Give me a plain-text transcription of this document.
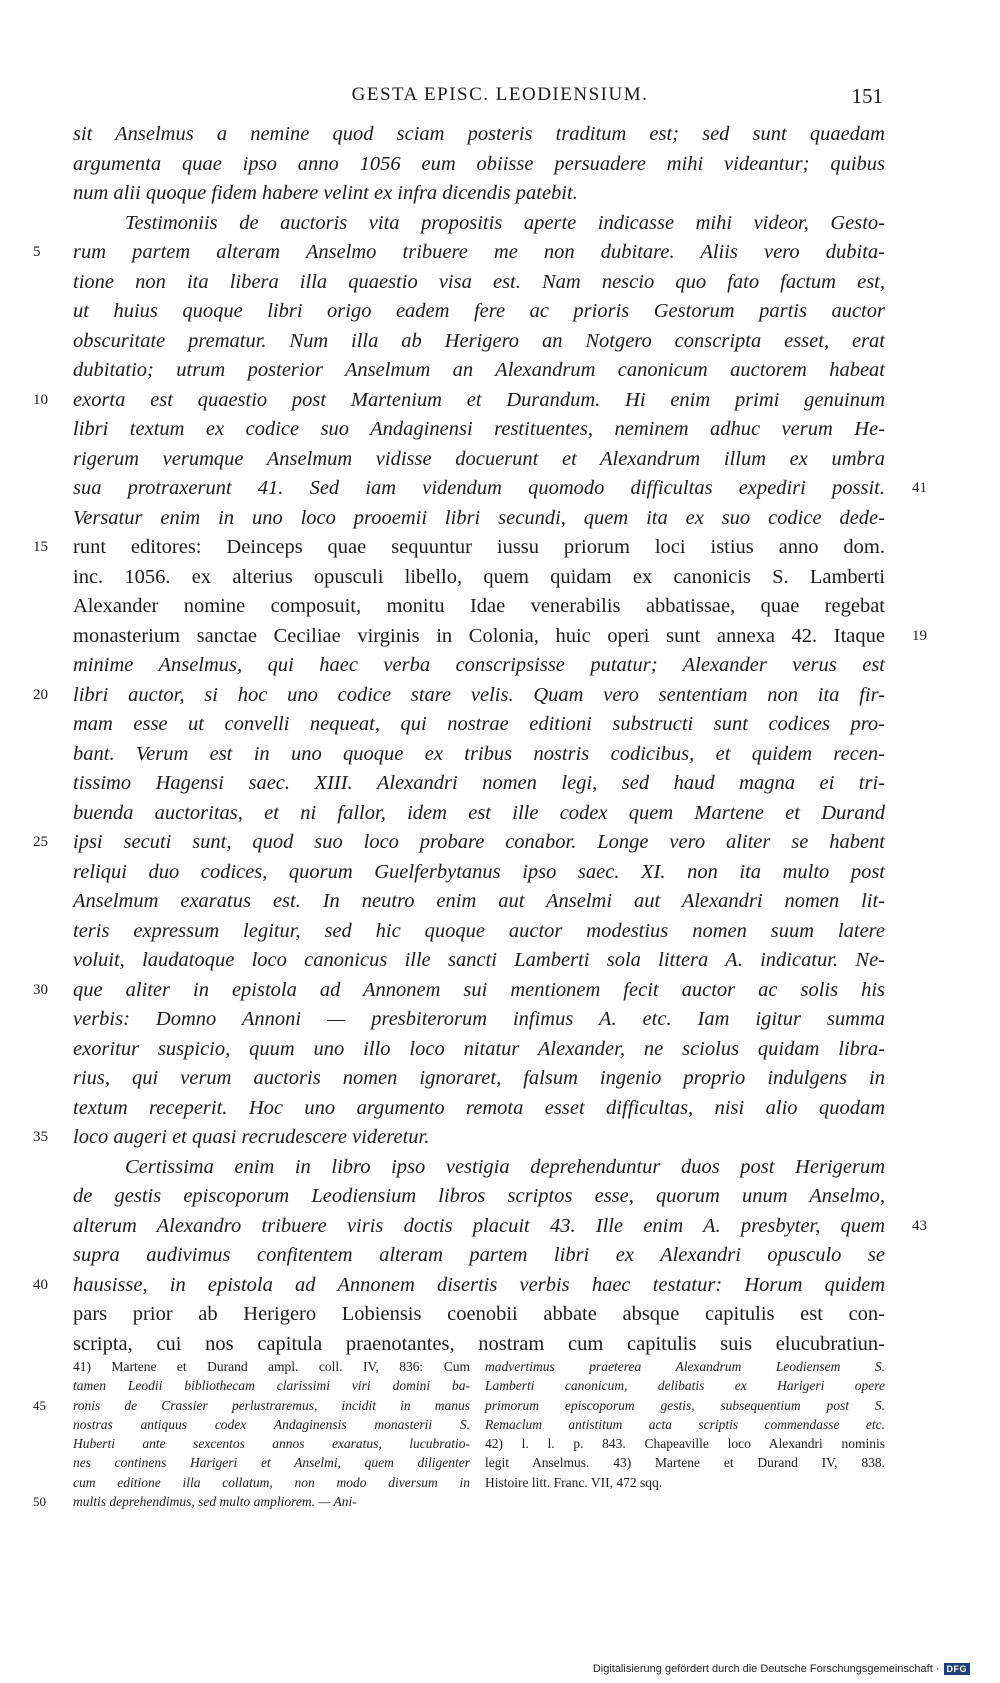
GESTA EPISC. LEODIENSIUM.	151
sit Anselmus a nemine quod sciam posteris traditum est; sed sunt quaedam
argumenta quae ipso anno 1056 eum obiisse persuadere mihi videantur; quibus
num alii quoque fidem habere velint ex infra dicendis patebit.
Testimoniis de auctoris vita propositis aperte indicasse mihi videor, Gesto-
rum partem alteram Anselmo tribuere me non dubitare. Aliis vero dubita-
5
tione non ita libera illa quaestio visa est. Nam nescio quo fato factum est,
ut huius quoque libri origo eadem fere ac prioris Gestorum partis auctor
obscuritate prematur. Num illa ab Herigero an Notgero conscripta esset, erat
dubitatio; utrum posterior Anselmum an Alexandrum canonicum auctorem habeat
exorta est quaestio post Martenium et Durandum. Hi enim primi genuinum
10
libri textum ex codice suo Andaginensi restituentes, neminem adhuc verum He-
rigerum verumque Anselmum vidisse docuerunt et Alexandrum illum ex umbra
sua protraxerunt 41. Sed iam videndum quomodo difficultas expediri possit. 41
Versatur enim in uno loco prooemii libri secundi, quem ita ex suo codice dede-
runt editores: Deinceps quae sequuntur iussu priorum loci istius anno dom.
15
inc. 1056. ex alterius opusculi libello, quem quidam ex canonicis S. Lamberti
Alexander nomine composuit, monitu Idae venerabilis abbatissae, quae regebat
monasterium sanctae Ceciliae virginis in Colonia, huic operi sunt annexa 42. Itaque 19
minime Anselmus, qui haec verba conscripsisse putatur; Alexander verus est
libri auctor, si hoc uno codice stare velis. Quam vero sententiam non ita fir-
20
mam esse ut convelli nequeat, qui nostrae editioni substructi sunt codices pro-
bant. Verum est in uno quoque ex tribus nostris codicibus, et quidem recen-
tissimo Hagensi saec. XIII. Alexandri nomen legi, sed haud magna ei tri-
buenda auctoritas, et ni fallor, idem est ille codex quem Martene et Durand
ipsi secuti sunt, quod suo loco probare conabor. Longe vero aliter se habent
25
reliqui duo codices, quorum Guelferbytanus ipso saec. XI. non ita multo post
Anselmum exaratus est. In neutro enim aut Anselmi aut Alexandri nomen lit-
teris expressum legitur, sed hic quoque auctor modestius nomen suum latere
voluit, laudatoque loco canonicus ille sancti Lamberti sola littera A. indicatur. Ne-
que aliter in epistola ad Annonem sui mentionem fecit auctor ac solis his
30
verbis: Domno Annoni — presbiterorum infimus A. etc. Iam igitur summa
exoritur suspicio, quum uno illo loco nitatur Alexander, ne sciolus quidam libra-
rius, qui verum auctoris nomen ignoraret, falsum ingenio proprio indulgens in
textum receperit. Hoc uno argumento remota esset difficultas, nisi alio quodam
loco augeri et quasi recrudescere videretur.
35
Certissima enim in libro ipso vestigia deprehenduntur duos post Herigerum
de gestis episcoporum Leodiensium libros scriptos esse, quorum unum Anselmo,
alterum Alexandro tribuere viris doctis placuit 43. Ille enim A. presbyter, quem 43
supra audivimus confitentem alteram partem libri ex Alexandri opusculo se
hausisse, in epistola ad Annonem disertis verbis haec testatur: Horum quidem
40
pars prior ab Herigero Lobiensis coenobii abbate absque capitulis est con-
scripta, cui nos capitula praenotantes, nostram cum capitulis suis elucubratiun-
41) Martene et Durand ampl. coll. IV, 836: Cum
tamen Leodii bibliothecam clarissimi viri domini ba-
ronis de Crassier perlustraremus, incidit in manus
45
nostras antiquus codex Andaginensis monasterii S.
Huberti ante sexcentos annos exaratus, lucubratio-
nes continens Harigeri et Anselmi, quem diligenter
cum editione illa collatum, non modo diversum in
multis deprehendimus, sed multo ampliorem. — Ani-
50
madvertimus praeterea Alexandrum Leodiensem S.
Lamberti canonicum, delibatis ex Harigeri opere
primorum episcoporum gestis, subsequentium post S.
Remaclum antistitum acta scriptis commendasse etc.
42) l. l. p. 843. Chapeaville loco Alexandri nominis
legit Anselmus. 43) Martene et Durand IV, 838.
Histoire litt. Franc. VII, 472 sqq.
Digitalisierung gefördert durch die Deutsche Forschungsgemeinschaft · DFG
